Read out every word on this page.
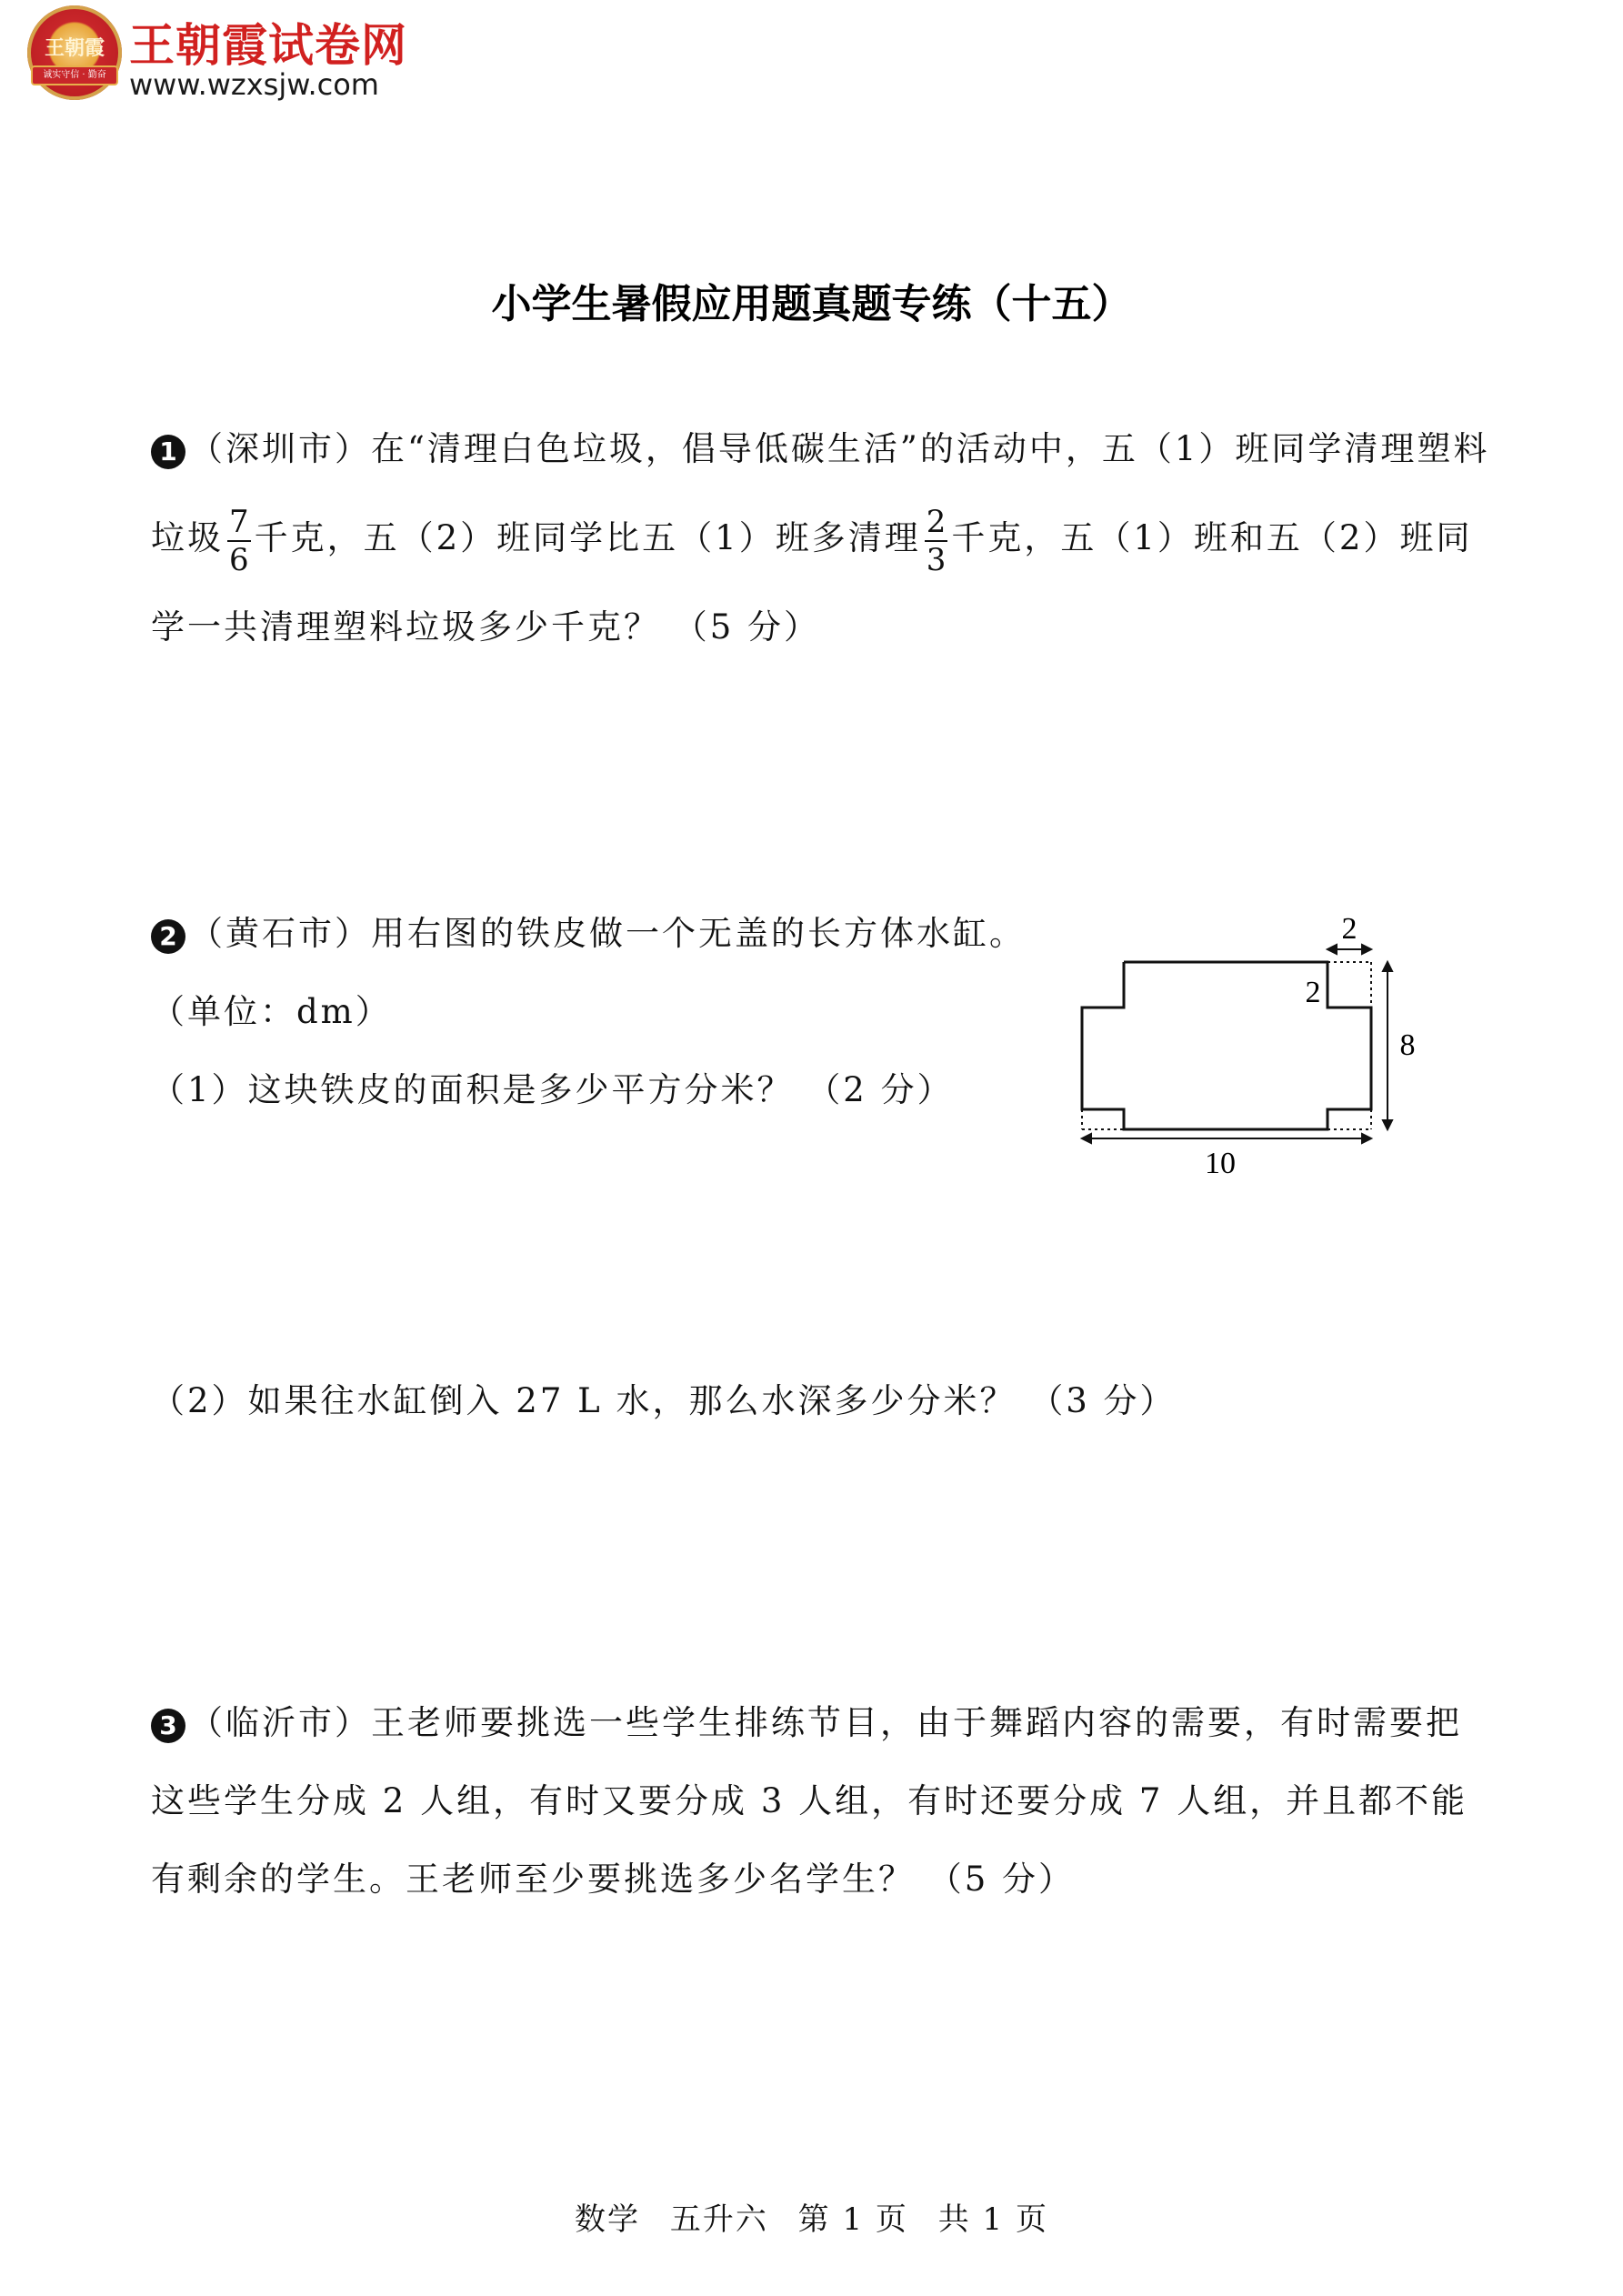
王朝霞
诚实守信 · 勤奋
王朝霞试卷网
www.wzxsjw.com
小学生暑假应用题真题专练（十五）
1 （深圳市）在“清理白色垃圾，倡导低碳生活”的活动中，五（1）班同学清理塑料垃圾 $\frac{7}{6}$ 千克，五（2）班同学比五（1）班多清理 $\frac{2}{3}$ 千克，五（1）班和五（2）班同学一共清理塑料垃圾多少千克？ （5 分）
2 （黄石市）用右图的铁皮做一个无盖的长方体水缸。
（单位：dm）
（1）这块铁皮的面积是多少平方分米？ （2 分）
2
2
8
10
（2）如果往水缸倒入 27 L 水，那么水深多少分米？ （3 分）
3 （临沂市）王老师要挑选一些学生排练节目，由于舞蹈内容的需要，有时需要把这些学生分成 2 人组，有时又要分成 3 人组，有时还要分成 7 人组，并且都不能有剩余的学生。王老师至少要挑选多少名学生？ （5 分）
数学 五升六 第 1 页 共 1 页
